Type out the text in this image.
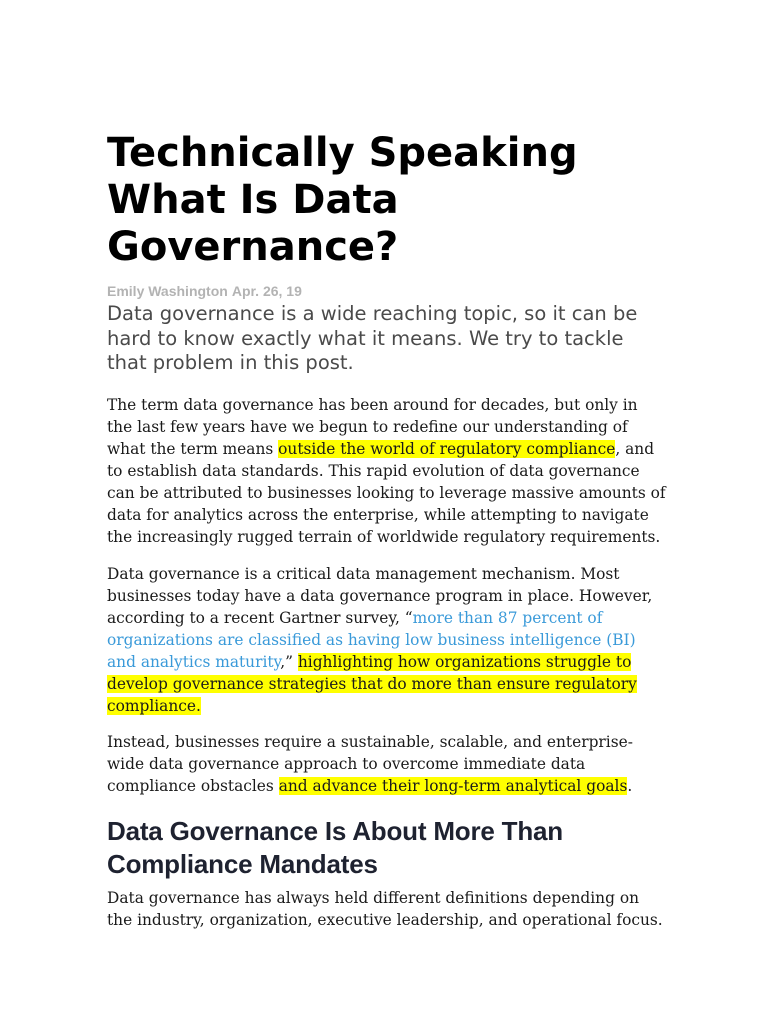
Technically Speaking What Is Data Governance?
Emily Washington Apr. 26, 19

Data governance is a wide reaching topic, so it can be hard to know exactly what it means. We try to tackle that problem in this post.

The term data governance has been around for decades, but only in the last few years have we begun to redefine our understanding of what the term means outside the world of regulatory compliance, and to establish data standards. This rapid evolution of data governance can be attributed to businesses looking to leverage massive amounts of data for analytics across the enterprise, while attempting to navigate the increasingly rugged terrain of worldwide regulatory requirements.

Data governance is a critical data management mechanism. Most businesses today have a data governance program in place. However, according to a recent Gartner survey, “more than 87 percent of organizations are classified as having low business intelligence (BI) and analytics maturity,” highlighting how organizations struggle to develop governance strategies that do more than ensure regulatory compliance.

Instead, businesses require a sustainable, scalable, and enterprise-wide data governance approach to overcome immediate data compliance obstacles and advance their long-term analytical goals.

Data Governance Is About More Than Compliance Mandates

Data governance has always held different definitions depending on the industry, organization, executive leadership, and operational focus.
